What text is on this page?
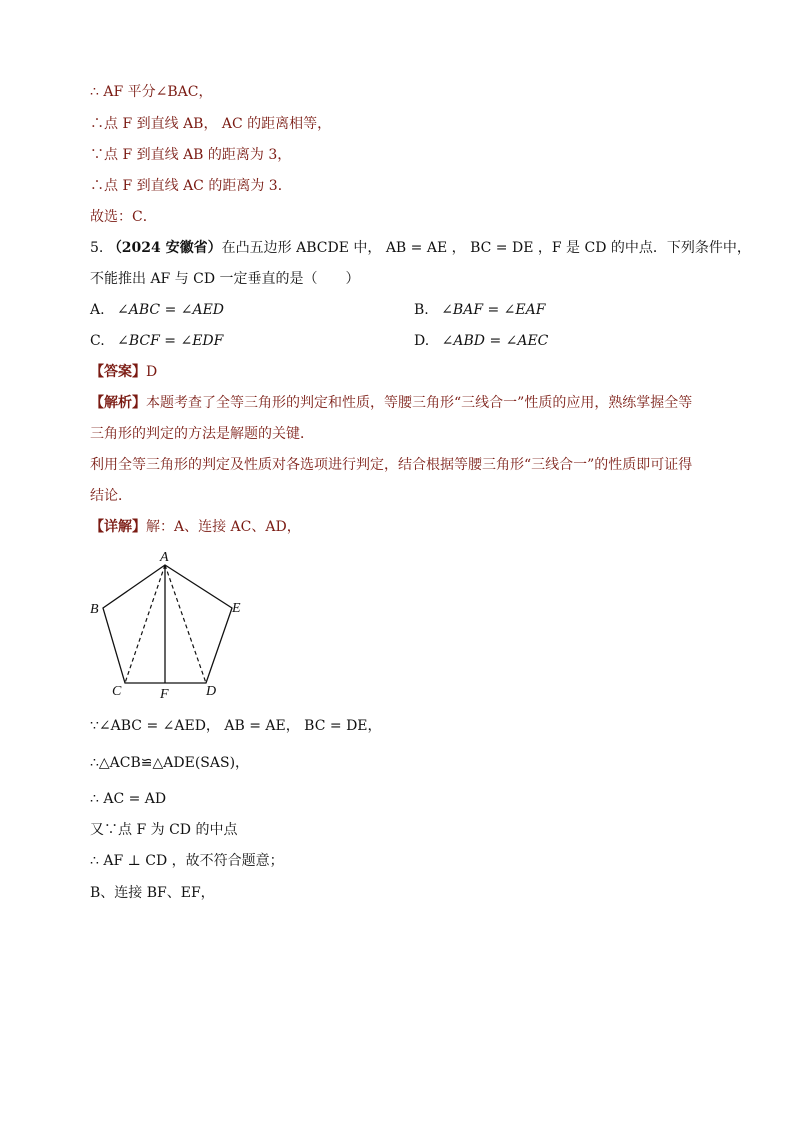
∴ AF 平分∠BAC，
∴点 F 到直线 AB， AC 的距离相等，
∵点 F 到直线 AB 的距离为 3，
∴点 F 到直线 AC 的距离为 3．
故选：C．
5. （2024 安徽省）在凸五边形 ABCDE 中， AB = AE ， BC = DE ，F 是 CD 的中点．下列条件中，
不能推出 AF 与 CD 一定垂直的是（　　）
A. ∠ABC = ∠AED	B. ∠BAF = ∠EAF
C. ∠BCF = ∠EDF	D. ∠ABD = ∠AEC
【答案】D
【解析】本题考查了全等三角形的判定和性质，等腰三角形“三线合一”性质的应用，熟练掌握全等
三角形的判定的方法是解题的关键．
利用全等三角形的判定及性质对各选项进行判定，结合根据等腰三角形“三线合一”的性质即可证得
结论．
【详解】解：A、连接 AC、AD，
A
B
C	D
E
F
∵∠ABC = ∠AED， AB = AE， BC = DE，
∴△ACB≌△ADE(SAS)，
∴ AC = AD
又∵点 F 为 CD 的中点
∴ AF ⊥ CD ，故不符合题意；
B、连接 BF、EF，
